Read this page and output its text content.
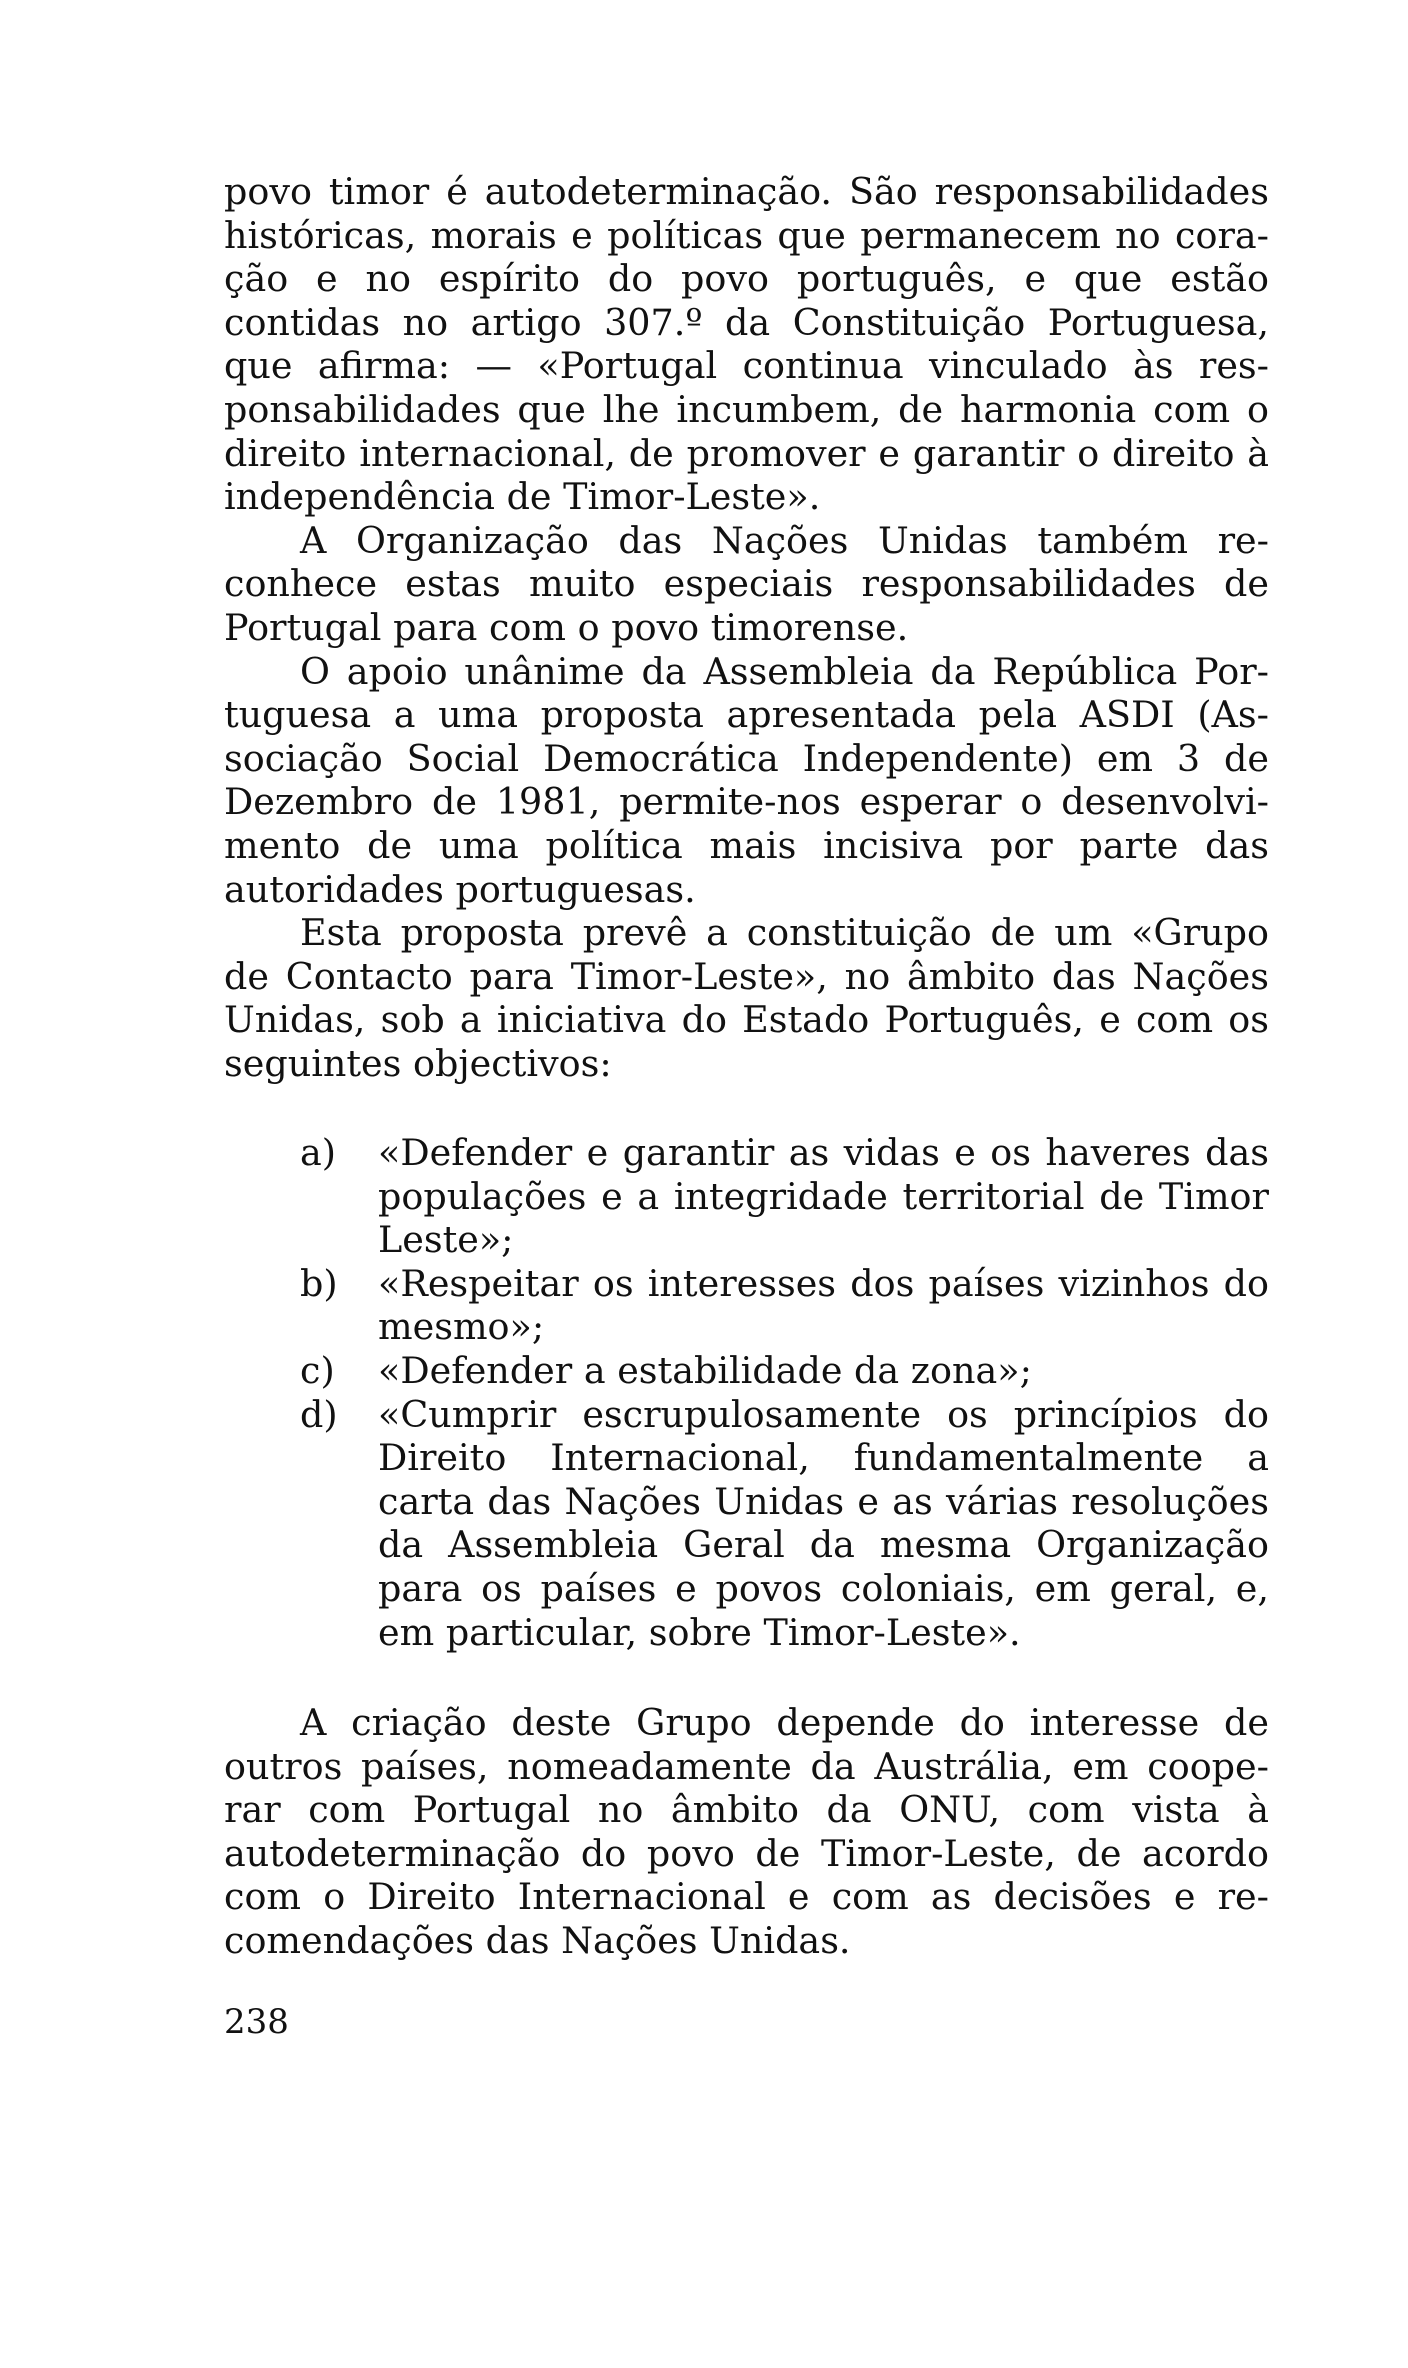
povo timor é autodeterminação. São responsabilidades históricas, morais e políticas que permanecem no coração e no espírito do povo português, e que estão contidas no artigo 307.º da Constituição Portuguesa, que afirma: — «Portugal continua vinculado às responsabilidades que lhe incumbem, de harmonia com o direito internacional, de promover e garantir o direito à independência de Timor-Leste».

A Organização das Nações Unidas também reconhece estas muito especiais responsabilidades de Portugal para com o povo timorense.

O apoio unânime da Assembleia da República Portuguesa a uma proposta apresentada pela ASDI (Associação Social Democrática Independente) em 3 de Dezembro de 1981, permite-nos esperar o desenvolvimento de uma política mais incisiva por parte das autoridades portuguesas.

Esta proposta prevê a constituição de um «Grupo de Contacto para Timor-Leste», no âmbito das Nações Unidas, sob a iniciativa do Estado Português, e com os seguintes objectivos:

a) «Defender e garantir as vidas e os haveres das populações e a integridade territorial de Timor Leste»;
b) «Respeitar os interesses dos países vizinhos do mesmo»;
c) «Defender a estabilidade da zona»;
d) «Cumprir escrupulosamente os princípios do Direito Internacional, fundamentalmente a carta das Nações Unidas e as várias resoluções da Assembleia Geral da mesma Organização para os países e povos coloniais, em geral, e, em particular, sobre Timor-Leste».

A criação deste Grupo depende do interesse de outros países, nomeadamente da Austrália, em cooperar com Portugal no âmbito da ONU, com vista à autodeterminação do povo de Timor-Leste, de acordo com o Direito Internacional e com as decisões e recomendações das Nações Unidas.

238
